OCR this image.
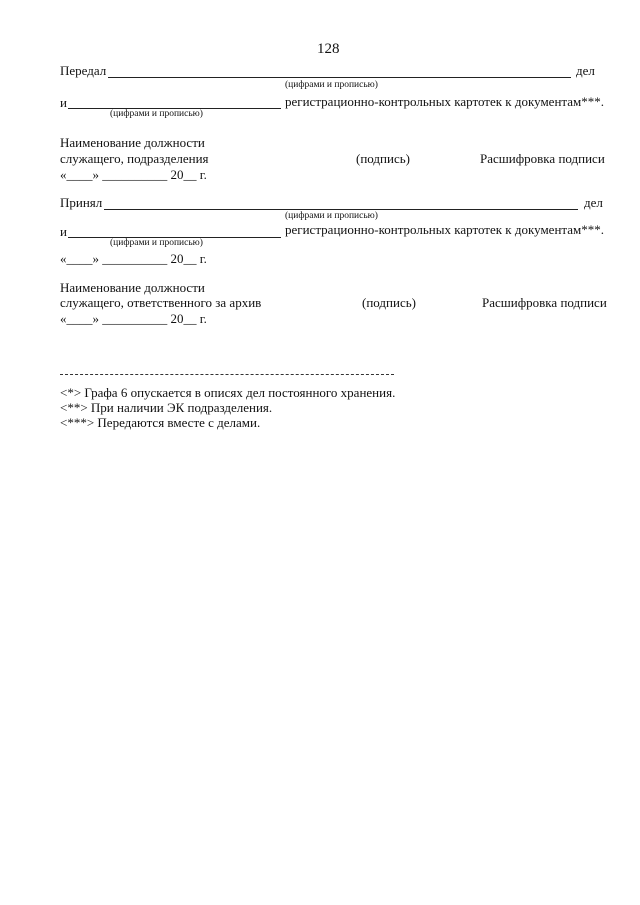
128
Передал	дел
(цифрами и прописью)
и	регистрационно-контрольных картотек к документам***.
(цифрами и прописью)
Наименование должности
служащего, подразделения	(подпись)	Расшифровка подписи
«____» __________ 20__ г.
Принял	дел
(цифрами и прописью)
и	регистрационно-контрольных картотек к документам***.
(цифрами и прописью)
«____» __________ 20__ г.
Наименование должности
служащего, ответственного за архив	(подпись)	Расшифровка подписи
«____» __________ 20__ г.
<*> Графа 6 опускается в описях дел постоянного хранения.
<**> При наличии ЭК подразделения.
<***> Передаются вместе с делами.
